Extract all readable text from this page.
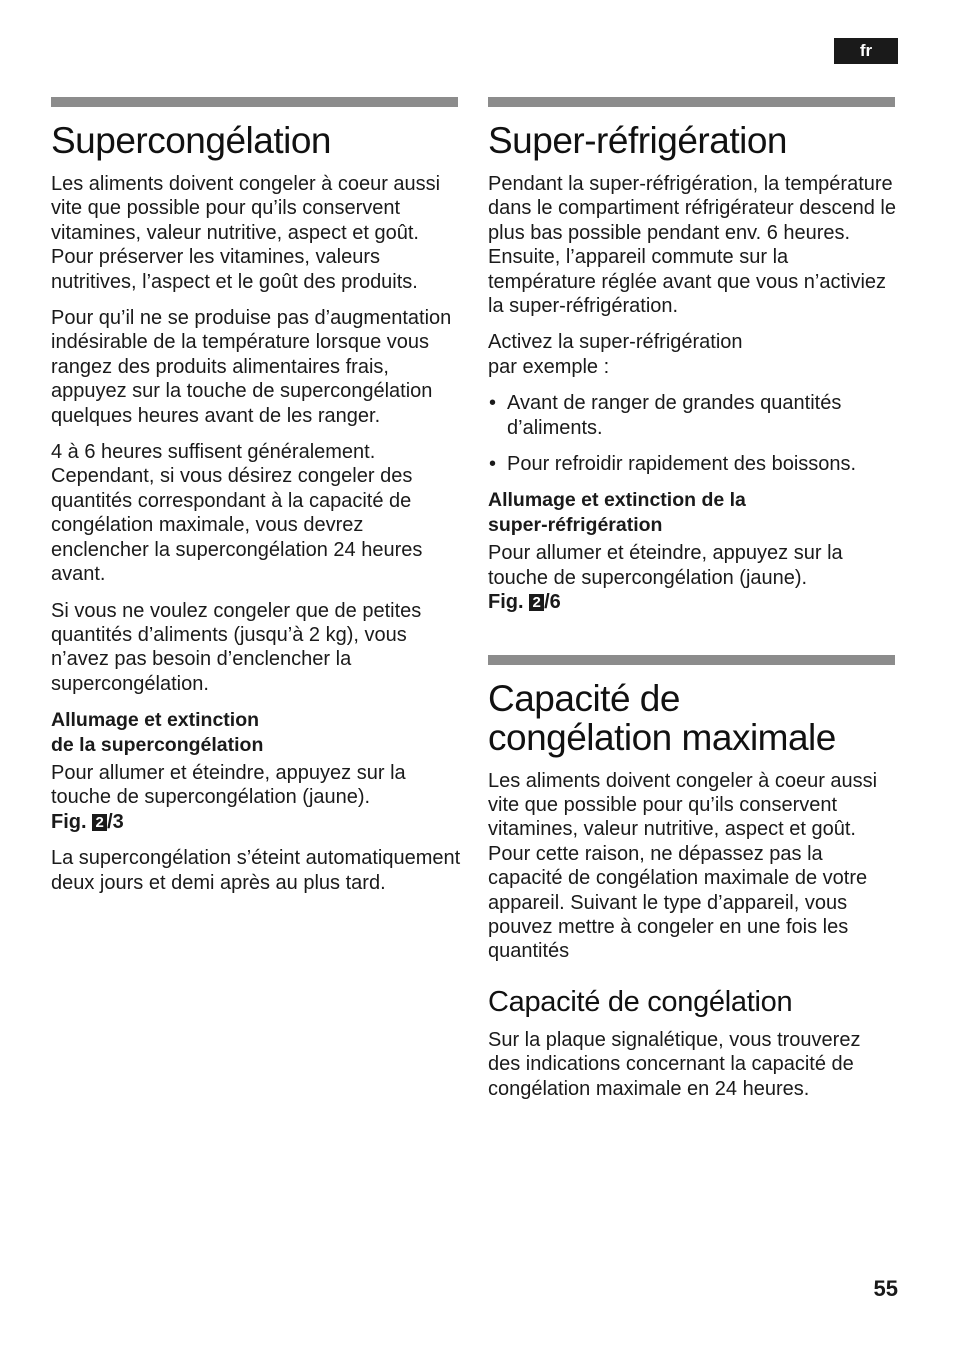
fr
Supercongélation

Les aliments doivent congeler à coeur aussi vite que possible pour qu’ils conservent vitamines, valeur nutritive, aspect et goût. Pour préserver les vitamines, valeurs nutritives, l’aspect et le goût des produits.

Pour qu’il ne se produise pas d’augmentation indésirable de la température lorsque vous rangez des produits alimentaires frais, appuyez sur la touche de supercongélation quelques heures avant de les ranger.

4 à 6 heures suffisent généralement. Cependant, si vous désirez congeler des quantités correspondant à la capacité de congélation maximale, vous devrez enclencher la supercongélation 24 heures avant.

Si vous ne voulez congeler que de petites quantités d’aliments (jusqu’à 2 kg), vous n’avez pas besoin d’enclencher la supercongélation.

Allumage et extinction
de la supercongélation

Pour allumer et éteindre, appuyez sur la touche de supercongélation (jaune).
Fig. 2 /3

La supercongélation s’éteint automatiquement deux jours et demi après au plus tard.

Super-réfrigération

Pendant la super-réfrigération, la température dans le compartiment réfrigérateur descend le plus bas possible pendant env. 6 heures. Ensuite, l’appareil commute sur la température réglée avant que vous n’activiez la super-réfrigération.

Activez la super-réfrigération
par exemple :

• Avant de ranger de grandes quantités d’aliments.
• Pour refroidir rapidement des boissons.
Allumage et extinction de la
super-réfrigération

Pour allumer et éteindre, appuyez sur la touche de supercongélation (jaune).
Fig. 2 /6

Capacité de
congélation maximale

Les aliments doivent congeler à coeur aussi vite que possible pour qu’ils conservent vitamines, valeur nutritive, aspect et goût. Pour cette raison, ne dépassez pas la capacité de congélation maximale de votre appareil. Suivant le type d’appareil, vous pouvez mettre à congeler en une fois les quantités

Capacité de congélation

Sur la plaque signalétique, vous trouverez des indications concernant la capacité de congélation maximale en 24 heures.

55
